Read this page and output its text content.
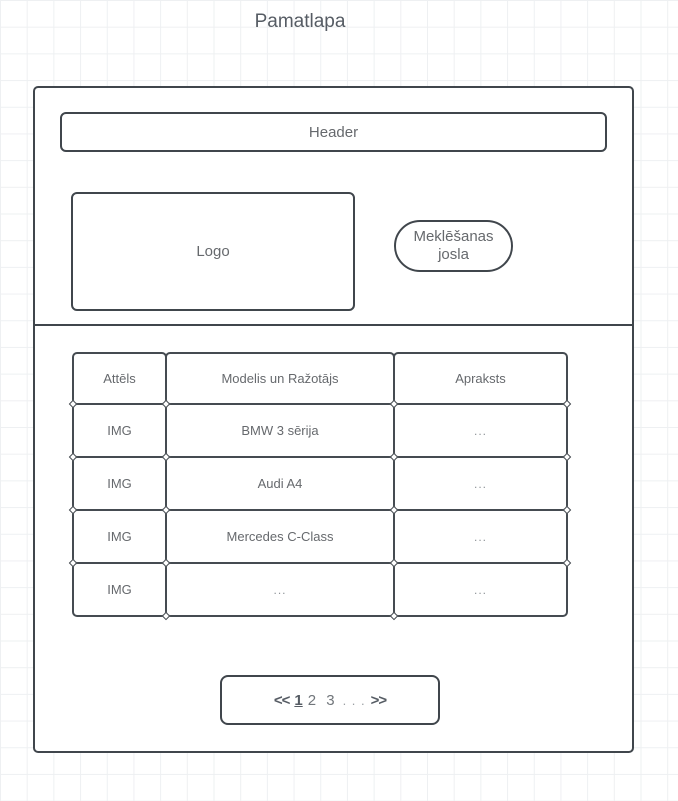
Pamatlapa
Header
Logo
Meklēšanas josla
Attēls	Modelis un Ražotājs	Apraksts
IMG	BMW 3 sērija	...
IMG	Audi A4	...
IMG	Mercedes C-Class	...
IMG	...	...
<< 1 2 3 . . . >>
